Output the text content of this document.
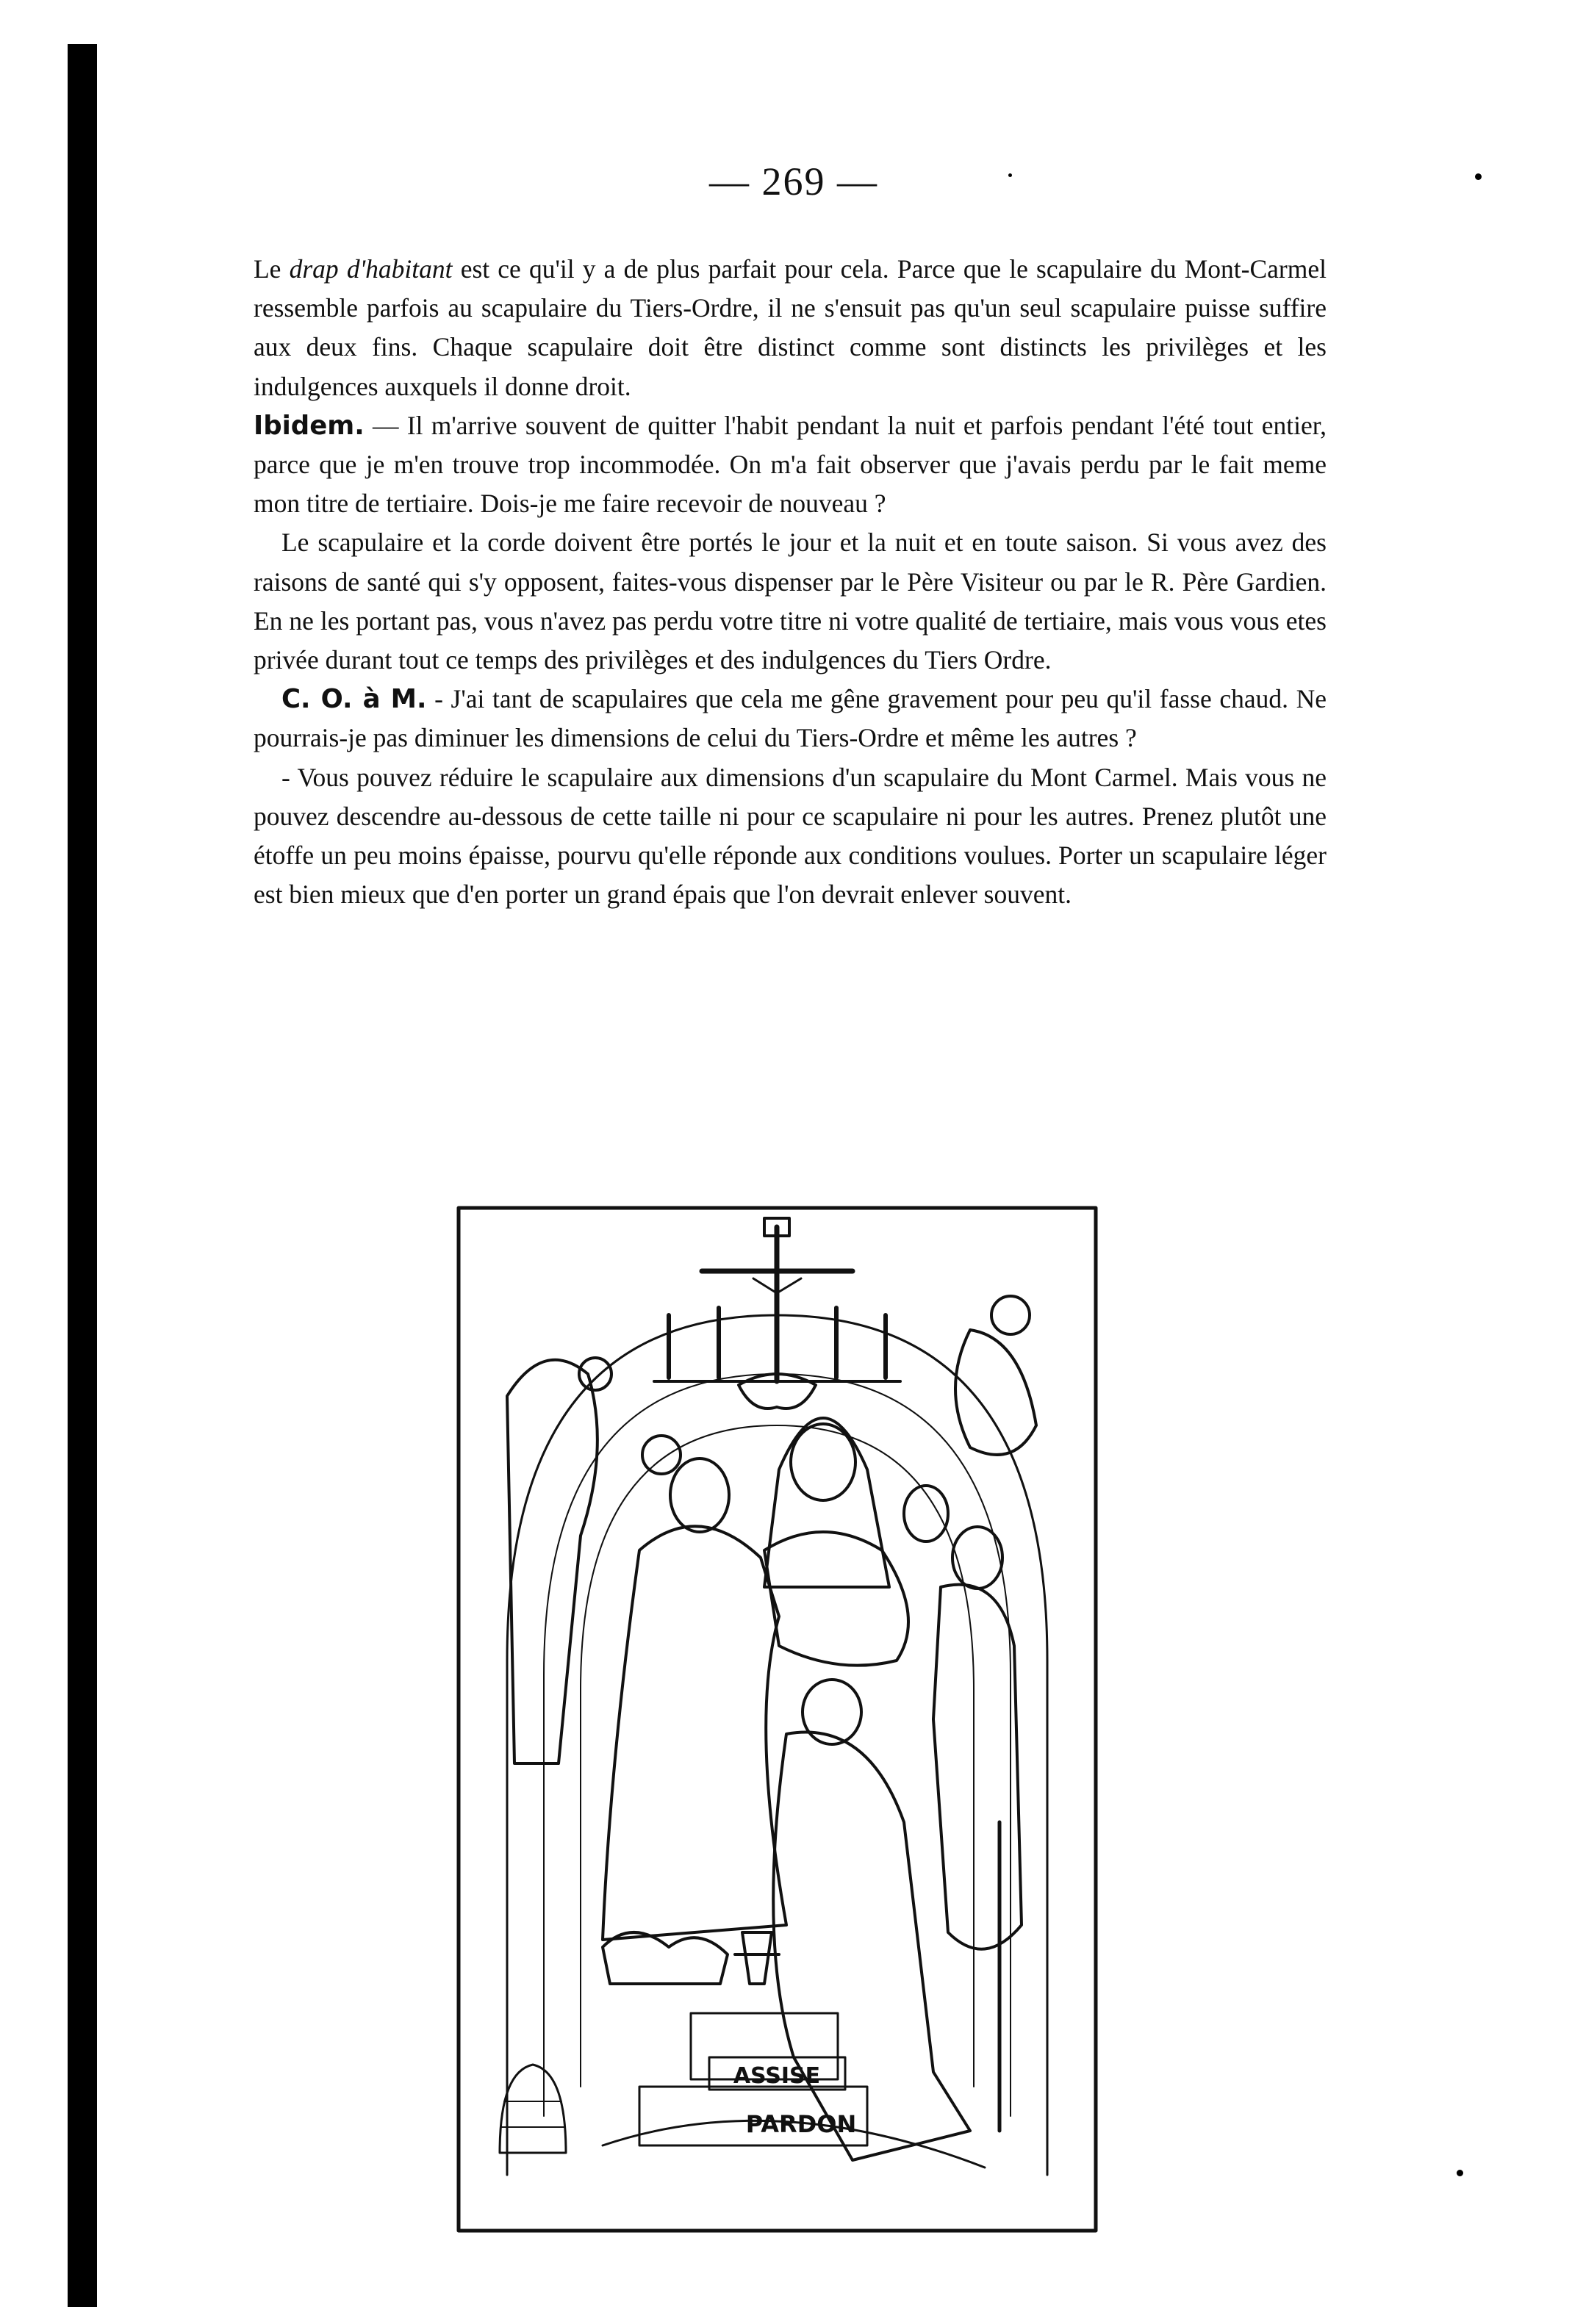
— 269 —

Le drap d'habitant est ce qu'il y a de plus parfait pour cela. Parce que le scapulaire du Mont-Carmel ressemble parfois au scapulaire du Tiers-Ordre, il ne s'ensuit pas qu'un seul scapulaire puisse suffire aux deux fins. Chaque scapulaire doit être distinct comme sont distincts les privilèges et les indulgences auxquels il donne droit.

Ibidem. — Il m'arrive souvent de quitter l'habit pendant la nuit et parfois pendant l'été tout entier, parce que je m'en trouve trop incommodée. On m'a fait observer que j'avais perdu par le fait meme mon titre de tertiaire. Dois-je me faire recevoir de nouveau ?

Le scapulaire et la corde doivent être portés le jour et la nuit et en toute saison. Si vous avez des raisons de santé qui s'y opposent, faites-vous dispenser par le Père Visiteur ou par le R. Père Gardien. En ne les portant pas, vous n'avez pas perdu votre titre ni votre qualité de tertiaire, mais vous vous etes privée durant tout ce temps des privilèges et des indulgences du Tiers Ordre.

C. O. à M. - J'ai tant de scapulaires que cela me gêne gravement pour peu qu'il fasse chaud. Ne pourrais-je pas diminuer les dimensions de celui du Tiers-Ordre et même les autres ?

- Vous pouvez réduire le scapulaire aux dimensions d'un scapulaire du Mont Carmel. Mais vous ne pouvez descendre au-dessous de cette taille ni pour ce scapulaire ni pour les autres. Prenez plutôt une étoffe un peu moins épaisse, pourvu qu'elle réponde aux conditions voulues. Porter un scapulaire léger est bien mieux que d'en porter un grand épais que l'on devrait enlever souvent.

ASSISE
PARDON
